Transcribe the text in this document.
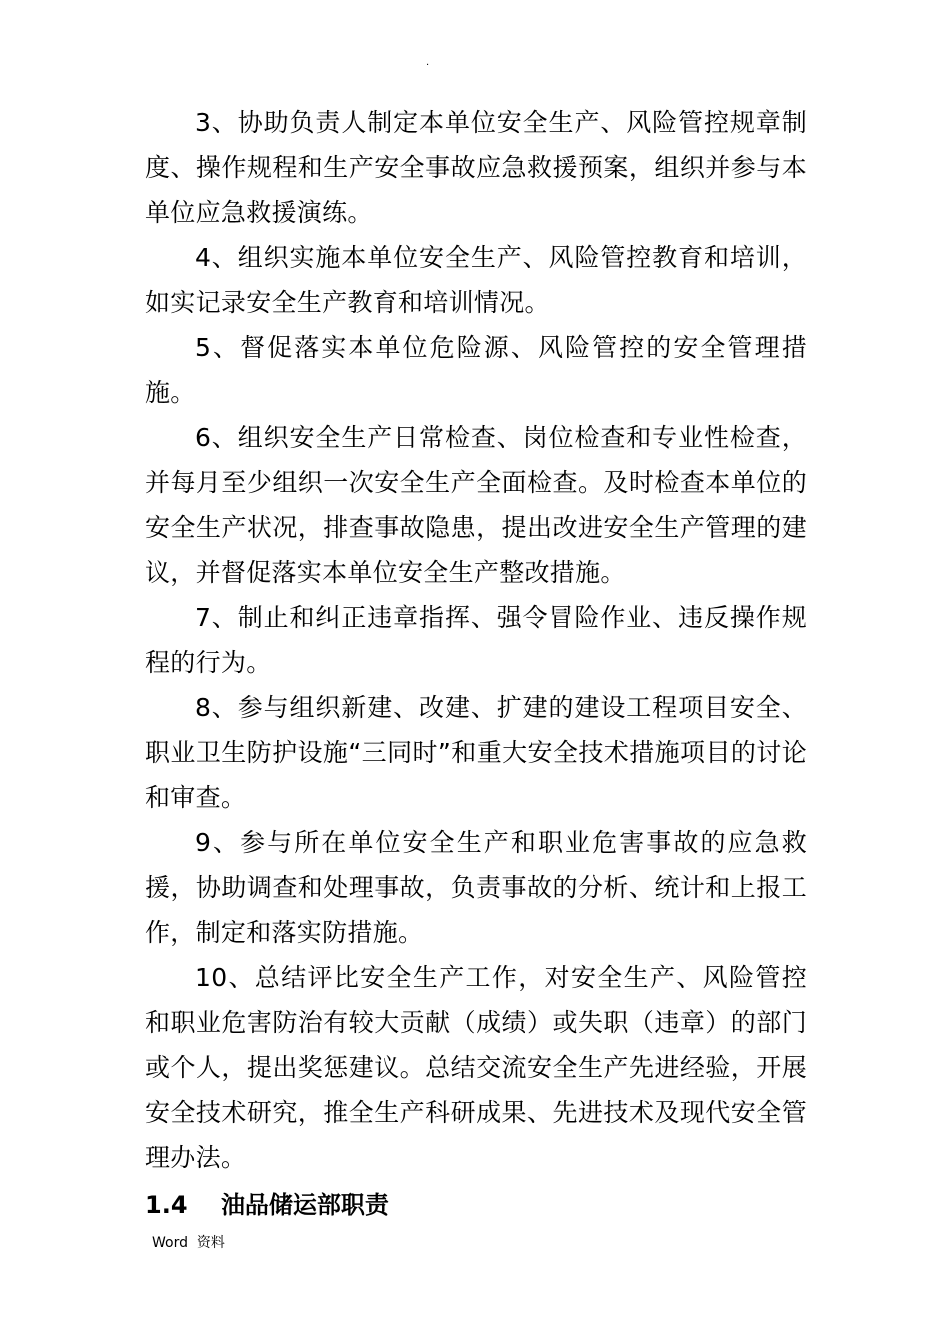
.

3、协助负责人制定本单位安全生产、风险管控规章制度、操作规程和生产安全事故应急救援预案，组织并参与本单位应急救援演练。

4、组织实施本单位安全生产、风险管控教育和培训，如实记录安全生产教育和培训情况。

5、督促落实本单位危险源、风险管控的安全管理措施。

6、组织安全生产日常检查、岗位检查和专业性检查，并每月至少组织一次安全生产全面检查。及时检查本单位的安全生产状况，排查事故隐患，提出改进安全生产管理的建议，并督促落实本单位安全生产整改措施。

7、制止和纠正违章指挥、强令冒险作业、违反操作规程的行为。

8、参与组织新建、改建、扩建的建设工程项目安全、职业卫生防护设施“三同时”和重大安全技术措施项目的讨论和审查。

9、参与所在单位安全生产和职业危害事故的应急救援，协助调查和处理事故，负责事故的分析、统计和上报工作，制定和落实防措施。

10、总结评比安全生产工作，对安全生产、风险管控和职业危害防治有较大贡献（成绩）或失职（违章）的部门或个人，提出奖惩建议。总结交流安全生产先进经验，开展安全技术研究，推全生产科研成果、先进技术及现代安全管理办法。

1.4 油品储运部职责
Word  资料
